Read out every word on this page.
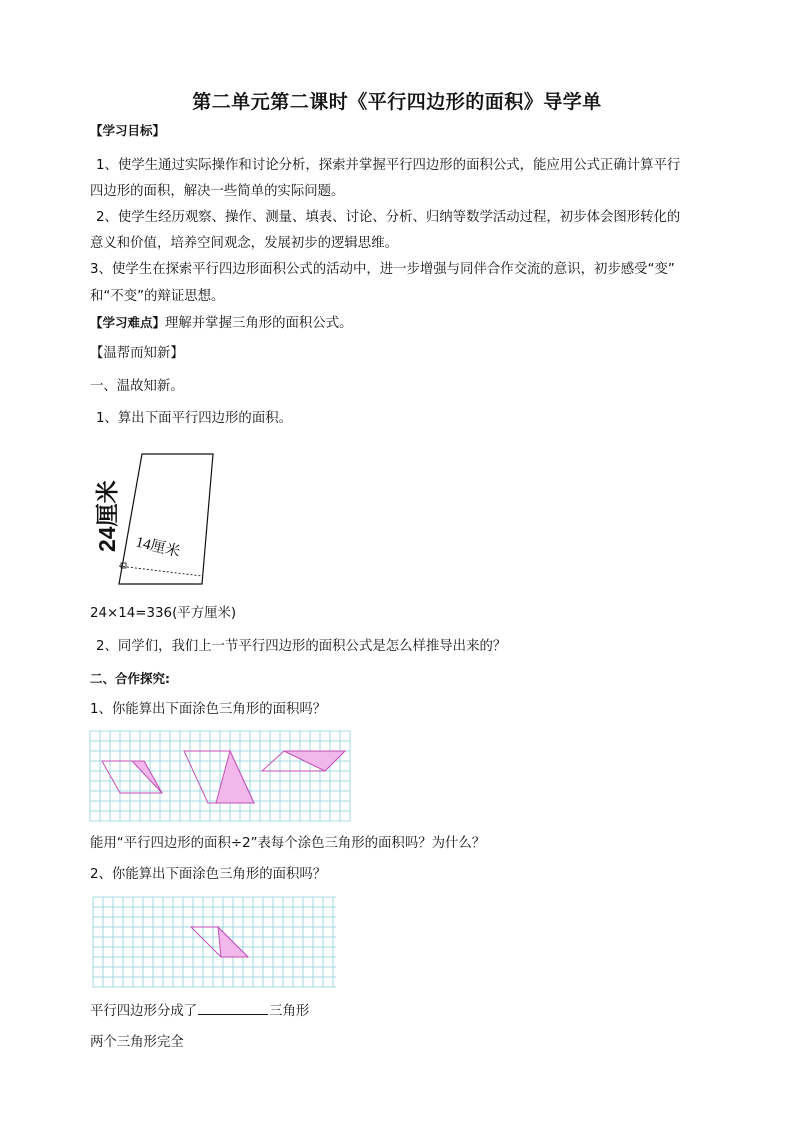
第二单元第二课时《平行四边形的面积》导学单
【学习目标】
1、使学生通过实际操作和讨论分析，探索并掌握平行四边形的面积公式，能应用公式正确计算平行
四边形的面积，解决一些简单的实际问题。
2、使学生经历观察、操作、测量、填表、讨论、分析、归纳等数学活动过程，初步体会图形转化的
意义和价值，培养空间观念，发展初步的逻辑思维。
3、使学生在探索平行四边形面积公式的活动中，进一步增强与同伴合作交流的意识，初步感受“变”
和“不变”的辩证思想。
【学习难点】理解并掌握三角形的面积公式。
【温帮而知新】
一、温故知新。
1、算出下面平行四边形的面积。
24厘米 14厘米
24×14=336(平方厘米)
2、同学们，我们上一节平行四边形的面积公式是怎么样推导出来的？
二、合作探究:
1、你能算出下面涂色三角形的面积吗？
能用“平行四边形的面积÷2”表每个涂色三角形的面积吗？为什么？
2、你能算出下面涂色三角形的面积吗？
平行四边形分成了	三角形
两个三角形完全
